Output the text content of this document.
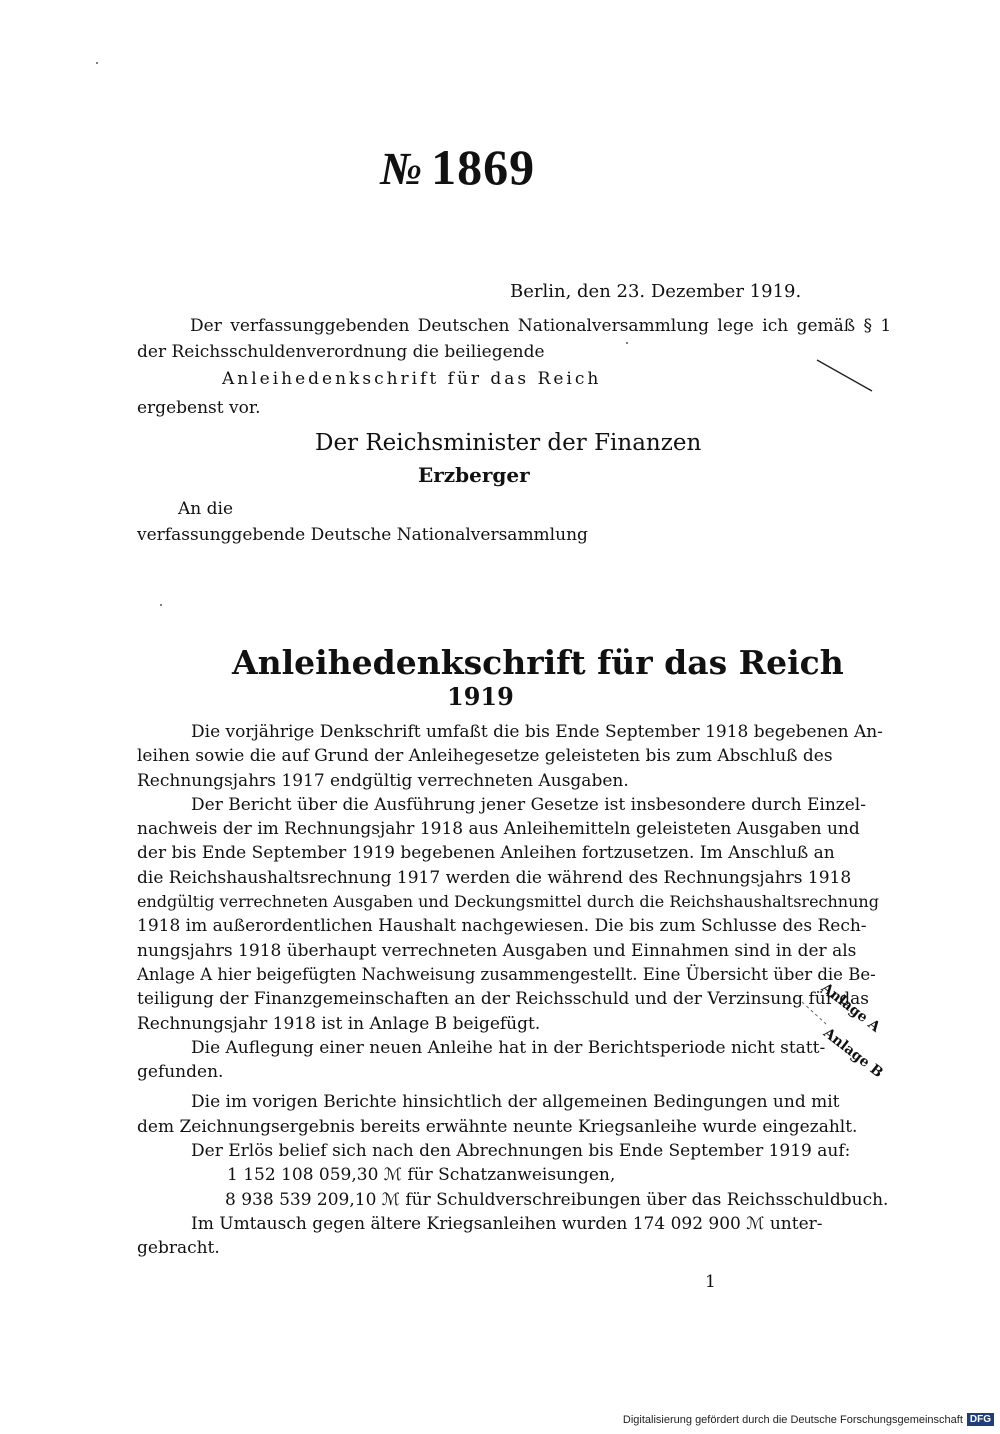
№ 1869
Berlin, den 23. Dezember 1919.
Der verfassunggebenden Deutschen Nationalversammlung lege ich gemäß § 1
der Reichsschuldenverordnung die beiliegende
Anleihedenkschrift für das Reich
ergebenst vor.
Der Reichsminister der Finanzen
Erzberger
An die
verfassunggebende Deutsche Nationalversammlung
Anleihedenkschrift für das Reich
1919

Die vorjährige Denkschrift umfaßt die bis Ende September 1918 begebenen An-
leihen sowie die auf Grund der Anleihegesetze geleisteten bis zum Abschluß des
Rechnungsjahrs 1917 endgültig verrechneten Ausgaben.

Der Bericht über die Ausführung jener Gesetze ist insbesondere durch Einzel-
nachweis der im Rechnungsjahr 1918 aus Anleihemitteln geleisteten Ausgaben und
der bis Ende September 1919 begebenen Anleihen fortzusetzen. Im Anschluß an
die Reichshaushaltsrechnung 1917 werden die während des Rechnungsjahrs 1918
endgültig verrechneten Ausgaben und Deckungsmittel durch die Reichshaushaltsrechnung
1918 im außerordentlichen Haushalt nachgewiesen. Die bis zum Schlusse des Rech-
nungsjahrs 1918 überhaupt verrechneten Ausgaben und Einnahmen sind in der als
Anlage A hier beigefügten Nachweisung zusammengestellt. Eine Übersicht über die Be-
teiligung der Finanzgemeinschaften an der Reichsschuld und der Verzinsung für das
Rechnungsjahr 1918 ist in Anlage B beigefügt.

Die Auflegung einer neuen Anleihe hat in der Berichtsperiode nicht statt-
gefunden.

Die im vorigen Berichte hinsichtlich der allgemeinen Bedingungen und mit
dem Zeichnungsergebnis bereits erwähnte neunte Kriegsanleihe wurde eingezahlt.
Der Erlös belief sich nach den Abrechnungen bis Ende September 1919 auf:
1 152 108 059,30 ℳ für Schatzanweisungen,
8 938 539 209,10 ℳ für Schuldverschreibungen über das Reichsschuldbuch.

Im Umtausch gegen ältere Kriegsanleihen wurden 174 092 900 ℳ unter-
gebracht.

Anlage A
Anlage B
1
Digitalisierung gefördert durch die Deutsche Forschungsgemeinschaft DFG
